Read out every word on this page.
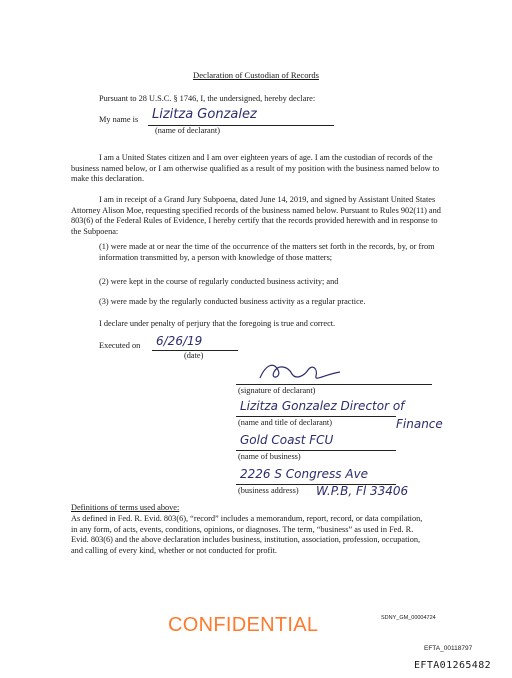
Declaration of Custodian of Records
Pursuant to 28 U.S.C. § 1746, I, the undersigned, hereby declare:
My name is Lizitza Gonzalez
(name of declarant)
I am a United States citizen and I am over eighteen years of age. I am the custodian of records of the business named below, or I am otherwise qualified as a result of my position with the business named below to make this declaration.
I am in receipt of a Grand Jury Subpoena, dated June 14, 2019, and signed by Assistant United States Attorney Alison Moe, requesting specified records of the business named below. Pursuant to Rules 902(11) and 803(6) of the Federal Rules of Evidence, I hereby certify that the records provided herewith and in response to the Subpoena:
(1) were made at or near the time of the occurrence of the matters set forth in the records, by, or from information transmitted by, a person with knowledge of those matters;
(2) were kept in the course of regularly conducted business activity; and
(3) were made by the regularly conducted business activity as a regular practice.
I declare under penalty of perjury that the foregoing is true and correct.
Executed on 6/26/19
(date)
(signature of declarant)
Lizitza Gonzalez Director of
Finance
(name and title of declarant)
Gold Coast FCU
(name of business)
2226 S Congress Ave
W.P.B, Fl 33406
(business address)
Definitions of terms used above:
As defined in Fed. R. Evid. 803(6), “record” includes a memorandum, report, record, or data compilation, in any form, of acts, events, conditions, opinions, or diagnoses. The term, “business” as used in Fed. R. Evid. 803(6) and the above declaration includes business, institution, association, profession, occupation, and calling of every kind, whether or not conducted for profit.
CONFIDENTIAL	SDNY_GM_00004724
EFTA_00118797
EFTA01265482
